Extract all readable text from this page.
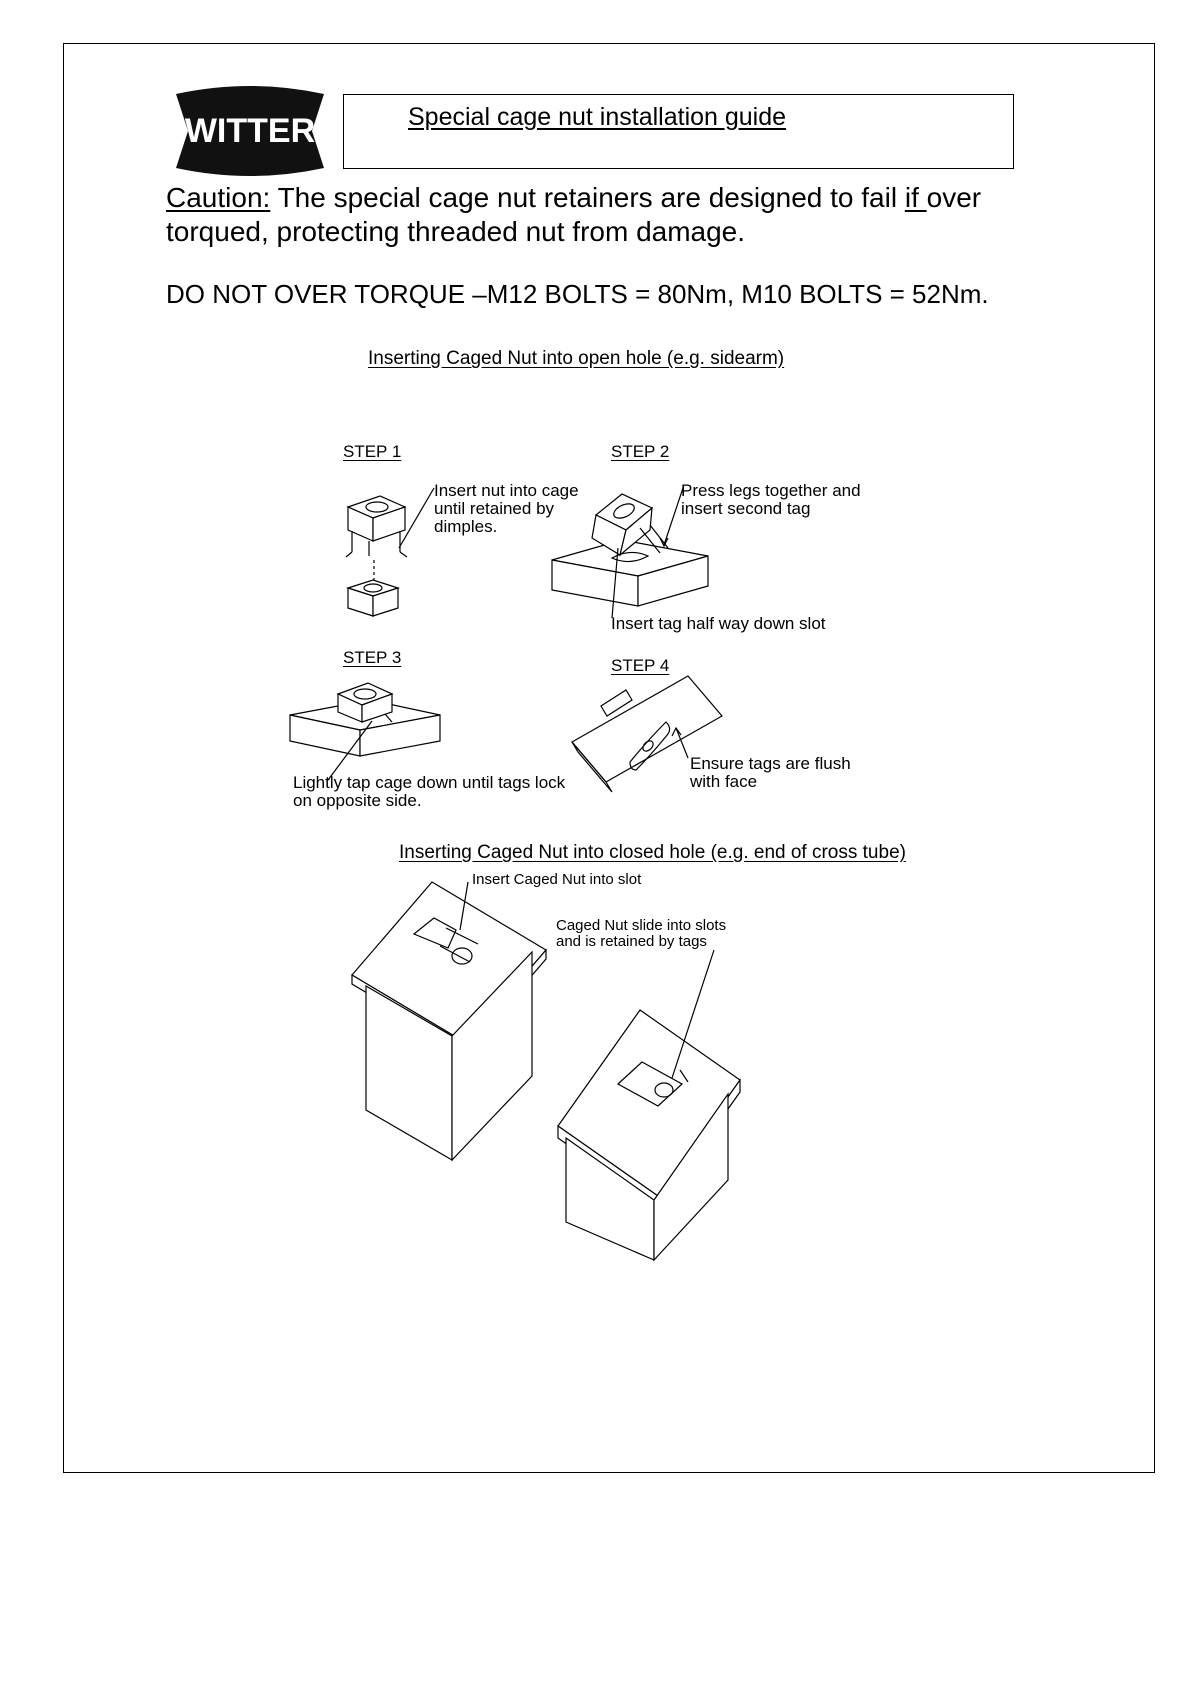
WITTER	Special cage nut installation guide
Caution: The special cage nut retainers are designed to fail if over torqued, protecting threaded nut from damage.
DO NOT OVER TORQUE –M12 BOLTS = 80Nm, M10 BOLTS = 52Nm.
Inserting Caged Nut into open hole (e.g. sidearm)
STEP 1	STEP 2
STEP 3	STEP 4
Insert nut into cage
until retained by
dimples.
Press legs together and
insert second tag
Insert tag half way down slot
Lightly tap cage down until tags lock
on opposite side.
Ensure tags are flush
with face
Inserting Caged Nut into closed hole (e.g. end of cross tube)
Insert Caged Nut into slot
Caged Nut slide into slots
and is retained by tags
